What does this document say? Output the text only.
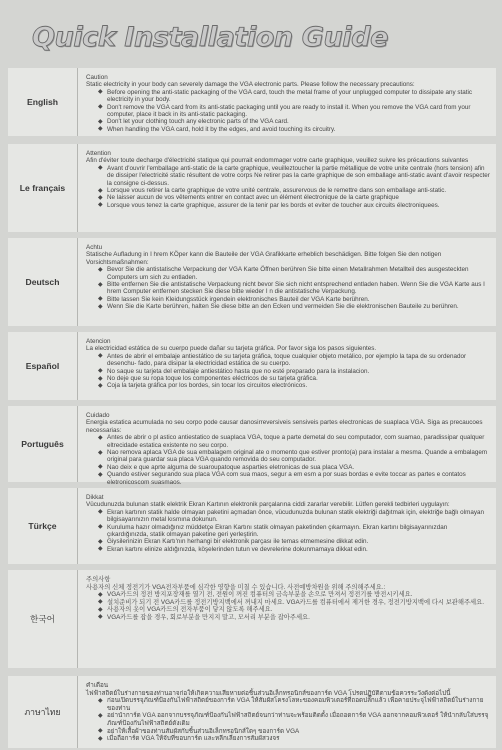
Quick Installation Guide
English
Caution
Static electricity in your body can severely damage the VGA electronic parts. Please follow the necessary precautions:
◆ Before opening the anti-static packaging of the VGA card, touch the metal frame of your unplugged computer to dissipate any static electricity in your body.
◆ Don't remove the VGA card from its anti-static packaging until you are ready to install it. When you remove the VGA card from your computer, place it back in its anti-static packaging.
◆ Don't let your clothing touch any electronic parts of the VGA card.
◆ When handling the VGA card, hold it by the edges, and avoid touching its circuitry.
Le français
Attention
Afin d'éviter toute decharge d'électricité statique qui pourrait endommager votre carte graphique, veuillez suivre les précautions suivantes
◆ Avant d'ouvrir l'emballage anti-static de la carte graphique, veuilleztoucher la partie métallique de votre unite centrale (hors tension) afin de dissiper l'electricité static résultent de votre corps Ne retirer pas la carte graphique de son emballage anti-static avant d'avoir respecter la consigne ci-dessus.
◆ Lorsque vous retirer la carte graphique de votre unité centrale, assurervous de le remettre dans son emballage anti-static.
◆ Ne laisser aucun de vos vêtements entrer en contact avec un élément électronique de la carte graphique
◆ Lorsque vous tenez la carte graphique, assurer de la tenir par les bords et eviter de toucher aux circuits électroniquees.
Deutsch
Achtu
Statische Aufladung in I hrem KÖper kann die Bauteile der VGA Grafikkarte erheblich beschädigen. Bitte folgen Sie den notigen Vorsichtsmaßnahmen:
◆ Bevor Sie die antistatische Verpackung der VGA Karte Öffnen berühren Sie bitte einen Metallrahmen Metallteil des ausgesteckten Computers um sich zu entladen.
◆ Bitte entfernen Sie die antistatische Verpackung nicht bevor Sie sich nicht entsprechend entladen haben. Wenn Sie die VGA Karte aus I hrem Computer entfernen stecken Sie diese bitte wieder I n die antistatische Verpackung.
◆ Bitte lassen Sie kein Kleidungsstück irgendein elektronisches Bauteil der VGA Karte berühren.
◆ Wenn Sie die Karte berühren, halten Sie diese bitte an den Ecken und vermeiden Sie die elektronischen Bauteile zu berühren.
Español
Atencion
La electricidad estática de su cuerpo puede dañar su tarjeta gráfica. Por favor siga los pasos siguientes.
◆ Antes de abrir el embalaje antiestático de su tarjeta gráfica, toque cualquier objeto metálico, por ejemplo la tapa de su ordenador desenchu- fado, para disipar la electricidad estática de su cuerpo.
◆ No saque su tarjeta del embalaje antiestático hasta que no esté preparado para la instalacion.
◆ No deje que su ropa toque los componentes eléctricos de su tarjeta gráfica.
◆ Coja la tarjeta gráfica por los bordes, sin tocar los circuitos electrónicos.
Português
Cuidado
Energia estatica acumulada no seu corpo pode causar danosirreversiveis sensiveis partes electronicas de suaplaca VGA. Siga as precaucoes necessarias:
◆ Antes de abrir o pl astico antiestatico de suaplaca VGA, toque a parte demetal do seu computador, com suamao, paradissipar qualquer eltrecidade estatica existente no seu corpo.
◆ Nao remova aplaca VGA de sua embalagem original ate o momento que estiver pronto(a) para instalar a mesma. Quande a embalagem original para guardar sua placa VGA quando removida do seu computador.
◆ Nao deix e que aprte alguma de suaroupatoque asparties eletronicas de sua placa VGA.
◆ Quando estiver segurando sua placa VGA com sua maos, segur a em esm a por suas bordas e evite toccar as partes e contatos eletronicoscom suasmaos.
Türkçe
Dikkat
Vücudunuzda bulunan statik elektrik Ekran Kartının elektronik parçalarına ciddi zararlar verebilir. Lütfen gerekli tedbirleri uygulayın:
◆ Ekran kartının statik halde olmayan paketini açmadan önce, vücudunuzda bulunan statik elektriği dağıtmak için, elektriğe bağlı olmayan bilgisayarınızın metal kısmına dokunun.
◆ Kurulumа hazır olmadığınız müddetçe Ekran Kartını statik olmayan paketinden çıkarmayın. Ekran kartını bilgisayarınızdan çıkardığınızda, statik olmayan paketine geri yerleştirin.
◆ Giysilerinizin Ekran Kartı'nın herhangi bir elektronik parçası ile temas etmemesine dikkat edin.
◆ Ekran kartını elinize aldığınızda, köşelerinden tutun ve devrelerine dokunmamaya dikkat edin.
한국어
주의사항
사용자의 신체 정전기가 VGA전자부품에 심각한 영향을 미칠 수 있습니다. 사전예방차원을 위해 주의해주세요.:
◆ VGA카드의 정전 방지포장재를 열기 전, 전원이 꺼진 컴퓨터의 금속부분을 손으로 만져서 정전기를 방전시키세요.
◆ 설치준비가 되기 전 VGA카드를 정전기방지백에서 꺼내지 마세요. VGA카드를 컴퓨터에서 제거한 경우, 정전기방지백에 다시 보관해주세요.
◆ 사용자의 옷이 VGA카드의 전자부품이 닿지 않도록 해주세요.
◆ VGA카드를 잡을 경우, 회로부분을 만지지 말고, 모서리 부분을 잡아주세요.
ภาษาไทย
คำเตือน
ไฟฟ้าสถิตย์ในร่างกายของท่านอาจก่อให้เกิดความเสียหายต่อชิ้นส่วนอิเล็กทรอนิกส์ของการ์ด VGA โปรดปฏิบัติตามข้อควรระวังดังต่อไปนี้
◆ ก่อนเปิดบรรจุภัณฑ์ป้องกันไฟฟ้าสถิตย์ของการ์ด VGA ให้สัมผัสโครงโลหะของคอมพิวเตอร์ที่ถอดปลั๊กแล้ว เพื่อคายประจุไฟฟ้าสถิตย์ในร่างกายของท่าน
◆ อย่านำการ์ด VGA ออกจากบรรจุภัณฑ์ป้องกันไฟฟ้าสถิตย์จนกว่าท่านจะพร้อมติดตั้ง เมื่อถอดการ์ด VGA ออกจากคอมพิวเตอร์ ให้นำกลับใส่บรรจุภัณฑ์ป้องกันไฟฟ้าสถิตย์ดังเดิม
◆ อย่าให้เสื้อผ้าของท่านสัมผัสกับชิ้นส่วนอิเล็กทรอนิกส์ใดๆ ของการ์ด VGA
◆ เมื่อถือการ์ด VGA ให้จับที่ขอบการ์ด และหลีกเลี่ยงการสัมผัสวงจร
